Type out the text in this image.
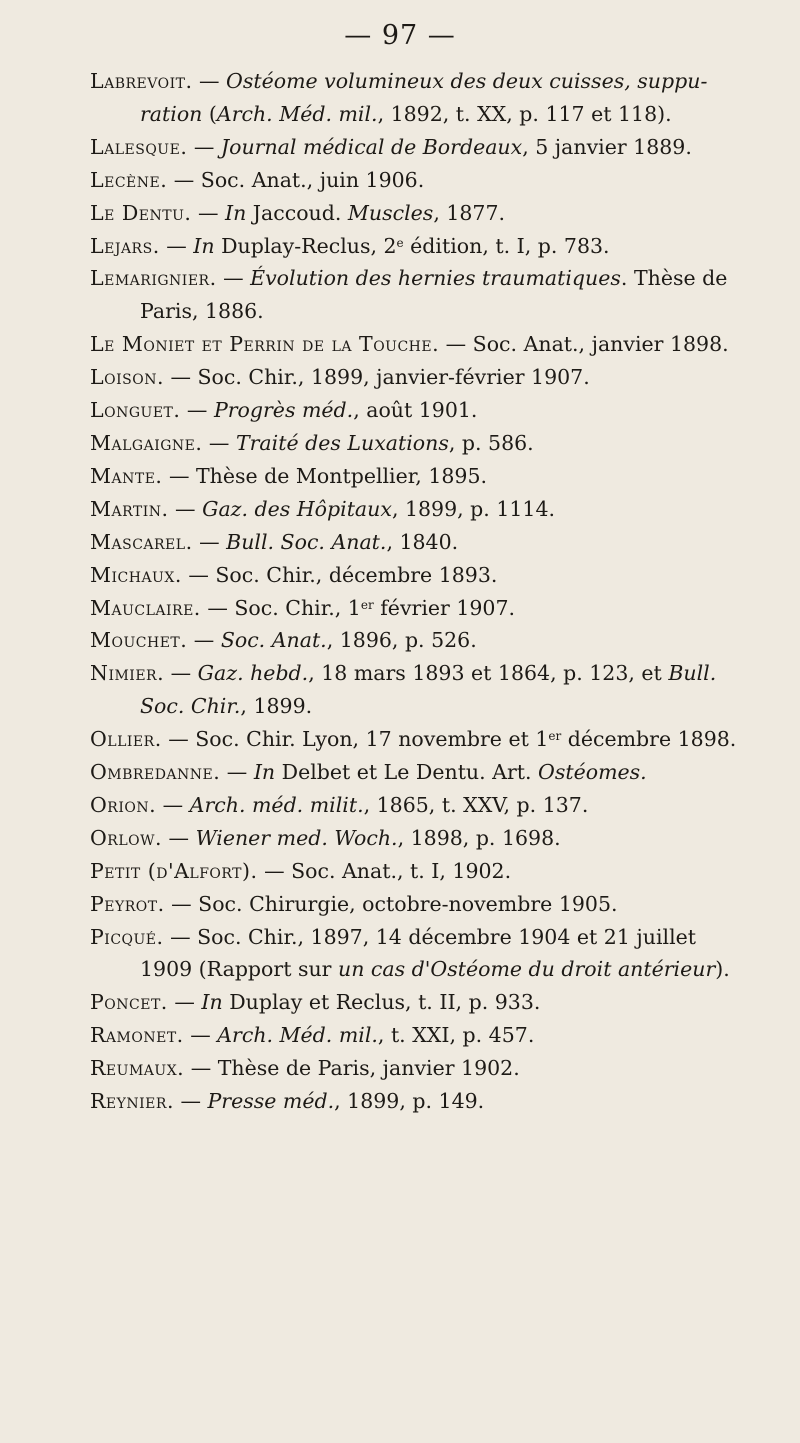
— 97 —
Labrevoit. — Ostéome volumineux des deux cuisses, suppuration (Arch. Méd. mil., 1892, t. XX, p. 117 et 118).
Lalesque. — Journal médical de Bordeaux, 5 janvier 1889.
Lecène. — Soc. Anat., juin 1906.
Le Dentu. — In Jaccoud. Muscles, 1877.
Lejars. — In Duplay-Reclus, 2e édition, t. I, p. 783.
Lemarignier. — Évolution des hernies traumatiques. Thèse de Paris, 1886.
Le Moniet et Perrin de la Touche. — Soc. Anat., janvier 1898.
Loison. — Soc. Chir., 1899, janvier-février 1907.
Longuet. — Progrès méd., août 1901.
Malgaigne. — Traité des Luxations, p. 586.
Mante. — Thèse de Montpellier, 1895.
Martin. — Gaz. des Hôpitaux, 1899, p. 1114.
Mascarel. — Bull. Soc. Anat., 1840.
Michaux. — Soc. Chir., décembre 1893.
Mauclaire. — Soc. Chir., 1er février 1907.
Mouchet. — Soc. Anat., 1896, p. 526.
Nimier. — Gaz. hebd., 18 mars 1893 et 1864, p. 123, et Bull. Soc. Chir., 1899.
Ollier. — Soc. Chir. Lyon, 17 novembre et 1er décembre 1898.
Ombredanne. — In Delbet et Le Dentu. Art. Ostéomes.
Orion. — Arch. méd. milit., 1865, t. XXV, p. 137.
Orlow. — Wiener med. Woch., 1898, p. 1698.
Petit (d'Alfort). — Soc. Anat., t. I, 1902.
Peyrot. — Soc. Chirurgie, octobre-novembre 1905.
Picqué. — Soc. Chir., 1897, 14 décembre 1904 et 21 juillet 1909 (Rapport sur un cas d'Ostéome du droit antérieur).
Poncet. — In Duplay et Reclus, t. II, p. 933.
Ramonet. — Arch. Méd. mil., t. XXI, p. 457.
Reumaux. — Thèse de Paris, janvier 1902.
Reynier. — Presse méd., 1899, p. 149.
